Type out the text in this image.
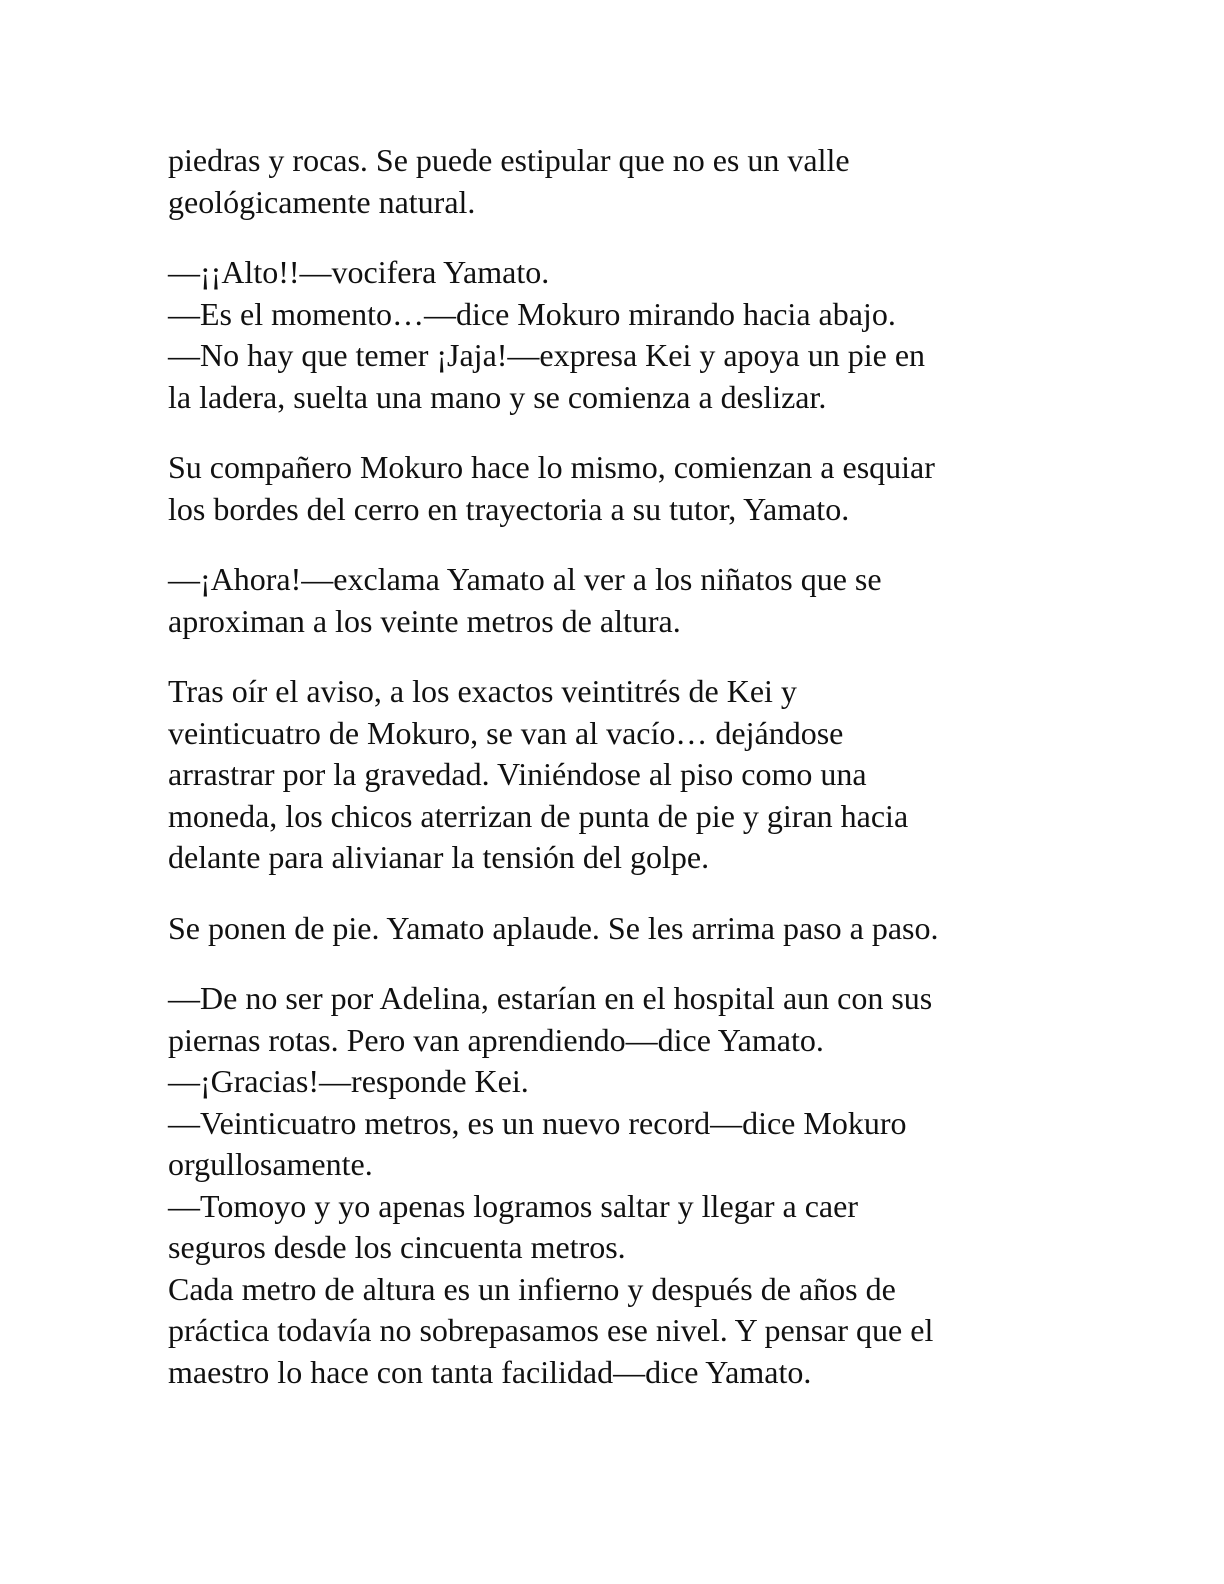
piedras y rocas. Se puede estipular que no es un valle
geológicamente natural.

—¡¡Alto!!—vocifera Yamato.
—Es el momento…—dice Mokuro mirando hacia abajo.
—No hay que temer ¡Jaja!—expresa Kei y apoya un pie en
la ladera, suelta una mano y se comienza a deslizar.

Su compañero Mokuro hace lo mismo, comienzan a esquiar
los bordes del cerro en trayectoria a su tutor, Yamato.

—¡Ahora!—exclama Yamato al ver a los niñatos que se
aproximan a los veinte metros de altura.

Tras oír el aviso, a los exactos veintitrés de Kei y
veinticuatro de Mokuro, se van al vacío… dejándose
arrastrar por la gravedad. Viniéndose al piso como una
moneda, los chicos aterrizan de punta de pie y giran hacia
delante para alivianar la tensión del golpe.

Se ponen de pie. Yamato aplaude. Se les arrima paso a paso.

—De no ser por Adelina, estarían en el hospital aun con sus
piernas rotas. Pero van aprendiendo—dice Yamato.
—¡Gracias!—responde Kei.
—Veinticuatro metros, es un nuevo record—dice Mokuro
orgullosamente.
—Tomoyo y yo apenas logramos saltar y llegar a caer
seguros desde los cincuenta metros.
Cada metro de altura es un infierno y después de años de
práctica todavía no sobrepasamos ese nivel. Y pensar que el
maestro lo hace con tanta facilidad—dice Yamato.
